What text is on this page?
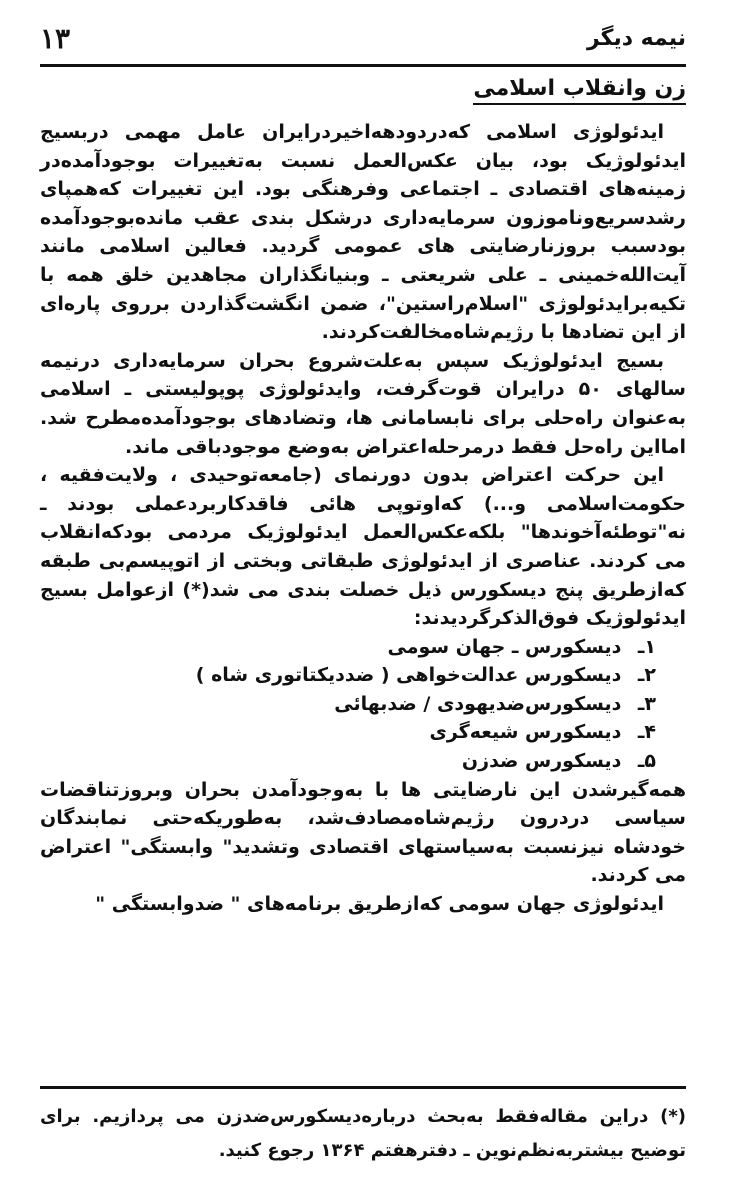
١٣	نیمه دیگر
زن وانقلاب اسلامی

ایدئولوژی اسلامی که‌در‌دو‌دهه‌اخیر‌در‌ایران عامل مهمی دربسیج ایدئولوژیک بود، بیان عکس‌العمل نسبت به‌تغییرات بوجود‌آمده‌در زمینه‌های اقتصادی ـ اجتماعی وفرهنگی بود. این تغییرات که‌همپای رشدسریع‌وناموزون سرمایه‌داری درشکل بندی عقب مانده‌بوجود‌آمده بود‌سبب بروزنارضایتی های عمومی گردید. فعالین اسلامی مانند آیت‌الله‌خمینی ـ علی شریعتی ـ وبنیانگذاران مجاهدین خلق همه با تکیه‌برایدئولوژی "اسلام‌راستین"، ضمن انگشت‌گذاردن برروی پاره‌ای از این تضادها با رژیم‌شاه‌مخالفت‌کردند.

بسیج ایدئولوژیک سپس به‌علت‌شروع بحران سرمایه‌داری درنیمه سالهای ۵۰ در‌ایران قوت‌گرفت، وایدئولوژی پوپولیستی ـ اسلامی به‌عنوان راه‌حلی برای نابسامانی ها، وتضادهای بوجود‌آمده‌مطرح شد. امااین راه‌حل فقط در‌مرحله‌اعتراض به‌وضع موجود‌باقی ماند.

این حرکت اعتراض بدون دورنمای (جامعه‌توحیدی ، ولایت‌فقیه ، حکومت‌اسلامی و...) که‌اوتوپی هائی فاقدکاربردعملی بودند ـ نه"توطئه‌آخوندها" بلکه‌عکس‌العمل ایدئولوژیک مردمی بودکه‌انقلاب می کردند. عناصری از ایدئولوژی طبقاتی وبختی از اتوپیسم‌بی طبقه که‌ازطریق پنج دیسکورس ذیل خصلت بندی می شد(*) ازعوامل بسیج ایدئولوژیک فوق‌الذکرگردیدند:

١ـ دیسکورس ـ جهان سومی
٢ـ دیسکورس عدالت‌خواهی ( ضددیکتاتوری شاه )
٣ـ دیسکورس‌ضدیهودی / ضدبهائی
۴ـ دیسکورس شیعه‌گری
۵ـ دیسکورس ضدزن

همه‌گیرشدن این نارضایتی ها با به‌وجودآمدن بحران وبروزتناقضات سیاسی دردرون رژیم‌شاه‌مصادف‌شد، به‌طوریکه‌حتی نمابندگان خودشاه نیزنسبت به‌سیاستهای اقتصادی وتشدید" وابستگی" اعتراض می کردند.

ایدئولوژی جهان سومی که‌ازطریق برنامه‌های " ضدوابستگی "

(*) دراین مقاله‌فقط به‌بحث درباره‌دیسکورس‌ضدزن می پردازیم. برای توضیح بیشتربه‌نظم‌نوین ـ دفترهفتم ١٣۶۴ رجوع کنید.
